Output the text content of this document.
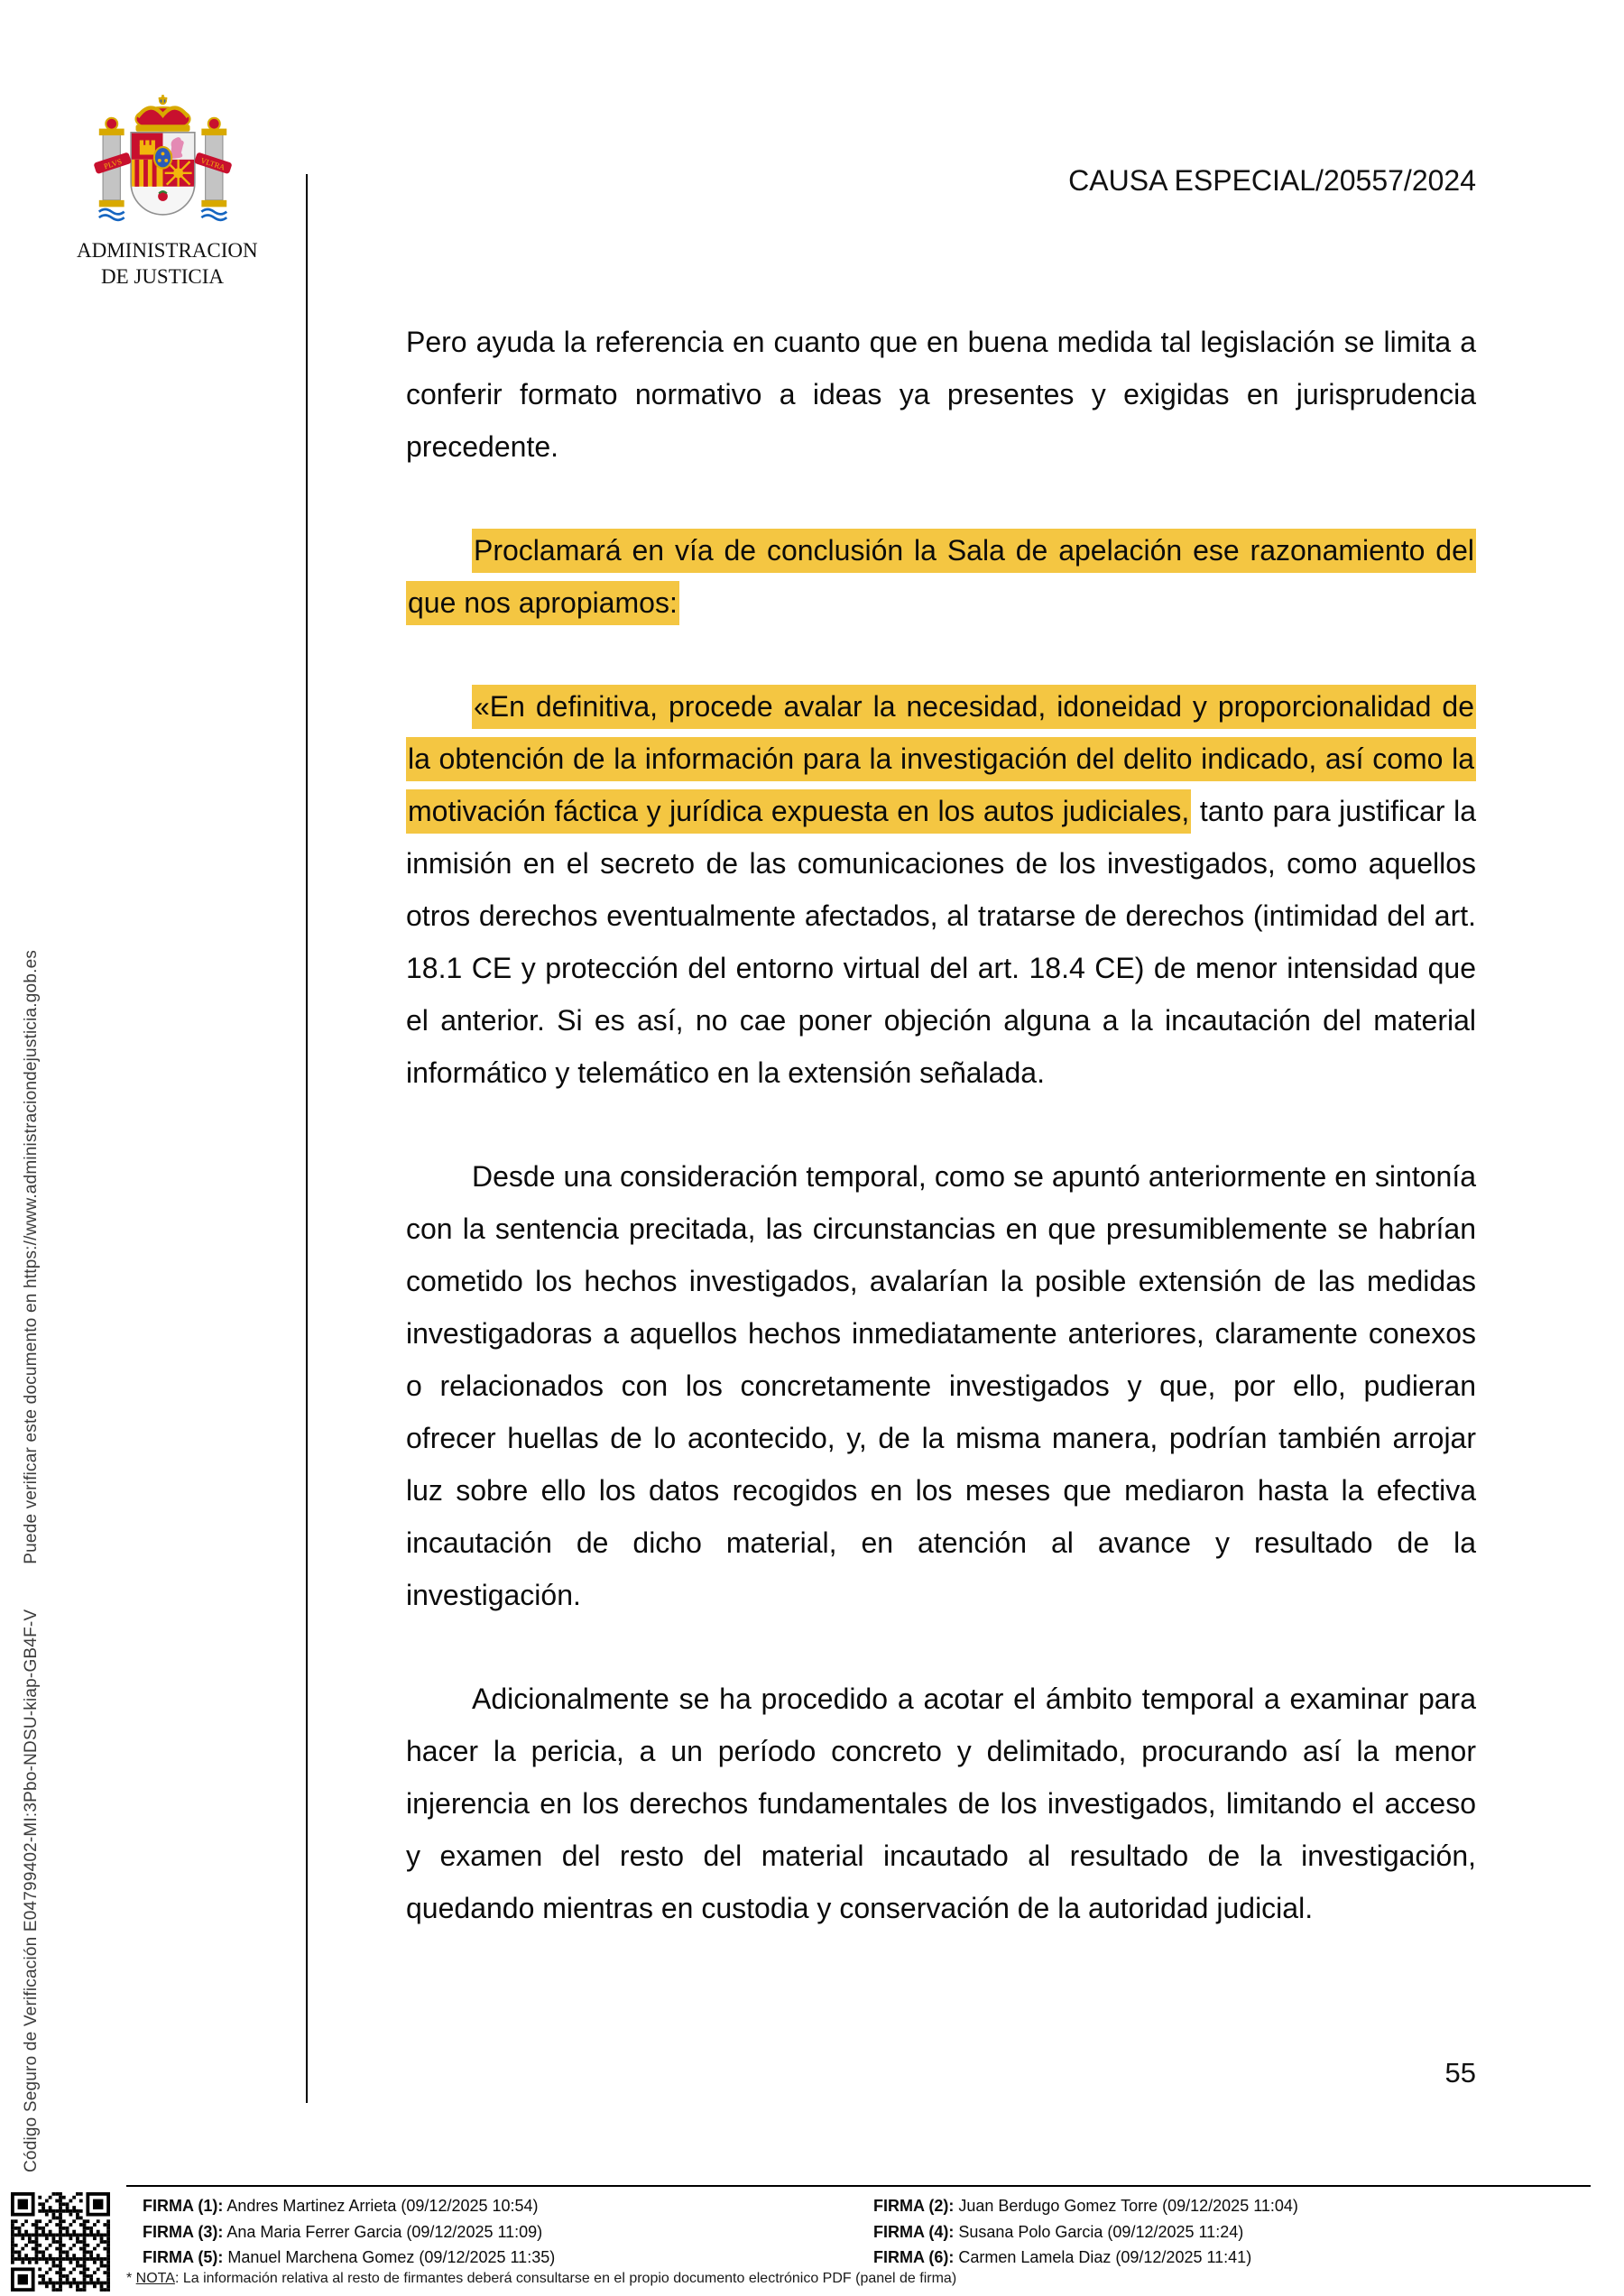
PLVS	VLTRA
ADMINISTRACION
DE JUSTICIA
CAUSA ESPECIAL/20557/2024

Pero ayuda la referencia en cuanto que en buena medida tal legislación se limita a conferir formato normativo a ideas ya presentes y exigidas en jurisprudencia precedente.

Proclamará en vía de conclusión la Sala de apelación ese razonamiento del que nos apropiamos:

«En definitiva, procede avalar la necesidad, idoneidad y proporcionalidad de la obtención de la información para la investigación del delito indicado, así como la motivación fáctica y jurídica expuesta en los autos judiciales, tanto para justificar la inmisión en el secreto de las comunicaciones de los investigados, como aquellos otros derechos eventualmente afectados, al tratarse de derechos (intimidad del art. 18.1 CE y protección del entorno virtual del art. 18.4 CE) de menor intensidad que el anterior. Si es así, no cae poner objeción alguna a la incautación del material informático y telemático en la extensión señalada.

Desde una consideración temporal, como se apuntó anteriormente en sintonía con la sentencia precitada, las circunstancias en que presumiblemente se habrían cometido los hechos investigados, avalarían la posible extensión de las medidas investigadoras a aquellos hechos inmediatamente anteriores, claramente conexos o relacionados con los concretamente investigados y que, por ello, pudieran ofrecer huellas de lo acontecido, y, de la misma manera, podrían también arrojar luz sobre ello los datos recogidos en los meses que mediaron hasta la efectiva incautación de dicho material, en atención al avance y resultado de la investigación.

Adicionalmente se ha procedido a acotar el ámbito temporal a examinar para hacer la pericia, a un período concreto y delimitado, procurando así la menor injerencia en los derechos fundamentales de los investigados, limitando el acceso y examen del resto del material incautado al resultado de la investigación, quedando mientras en custodia y conservación de la autoridad judicial.

55
Código Seguro de Verificación E04799402-MI:3Pbo-NDSU-kiap-GB4F-VPuede verificar este documento en https://www.administraciondejusticia.gob.es
FIRMA (1): Andres Martinez Arrieta (09/12/2025 10:54)	FIRMA (2): Juan Berdugo Gomez Torre (09/12/2025 11:04)
FIRMA (3): Ana Maria Ferrer Garcia (09/12/2025 11:09)	FIRMA (4): Susana Polo Garcia (09/12/2025 11:24)
FIRMA (5): Manuel Marchena Gomez (09/12/2025 11:35)	FIRMA (6): Carmen Lamela Diaz (09/12/2025 11:41)
* NOTA: La información relativa al resto de firmantes deberá consultarse en el propio documento electrónico PDF (panel de firma)
